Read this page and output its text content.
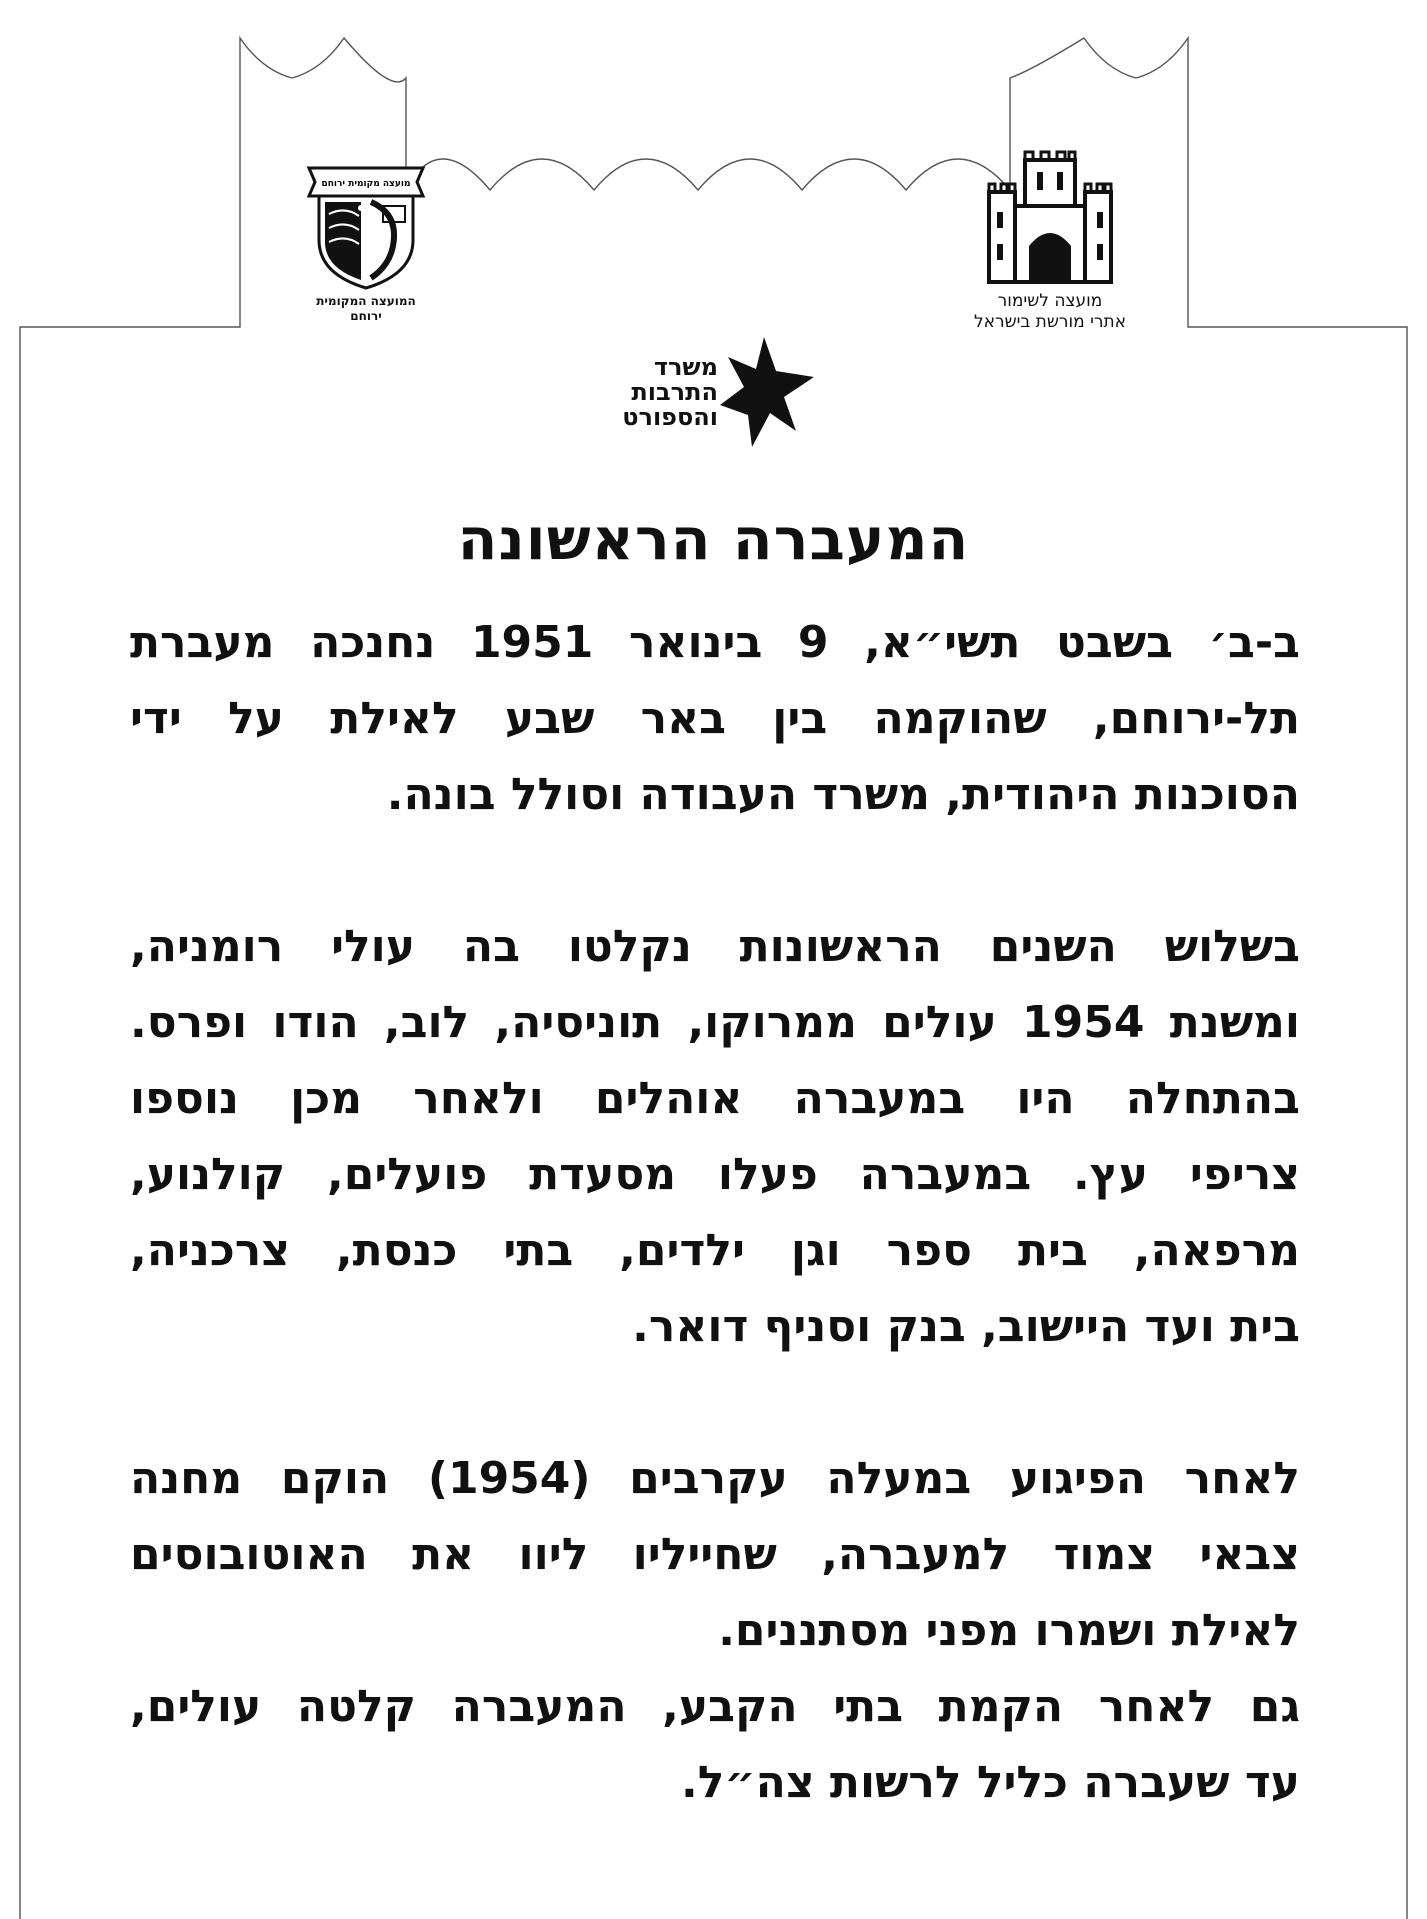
מועצה מקומית ירוחם
המועצה המקומית
ירוחם
מועצה לשימור
אתרי מורשת בישראל
משרד
התרבות
והספורט
המעברה הראשונה
ב-ב׳ בשבט תשי״א, 9 בינואר 1951 נחנכה מעברת
תל-ירוחם, שהוקמה בין באר שבע לאילת על ידי
הסוכנות היהודית, משרד העבודה וסולל בונה.
בשלוש השנים הראשונות נקלטו בה עולי רומניה,
ומשנת 1954 עולים ממרוקו, תוניסיה, לוב, הודו ופרס.
בהתחלה היו במעברה אוהלים ולאחר מכן נוספו
צריפי עץ. במעברה פעלו מסעדת פועלים, קולנוע,
מרפאה, בית ספר וגן ילדים, בתי כנסת, צרכניה,
בית ועד היישוב, בנק וסניף דואר.
לאחר הפיגוע במעלה עקרבים (1954) הוקם מחנה
צבאי צמוד למעברה, שחייליו ליוו את האוטובוסים
לאילת ושמרו מפני מסתננים.
גם לאחר הקמת בתי הקבע, המעברה קלטה עולים,
עד שעברה כליל לרשות צה״ל.
